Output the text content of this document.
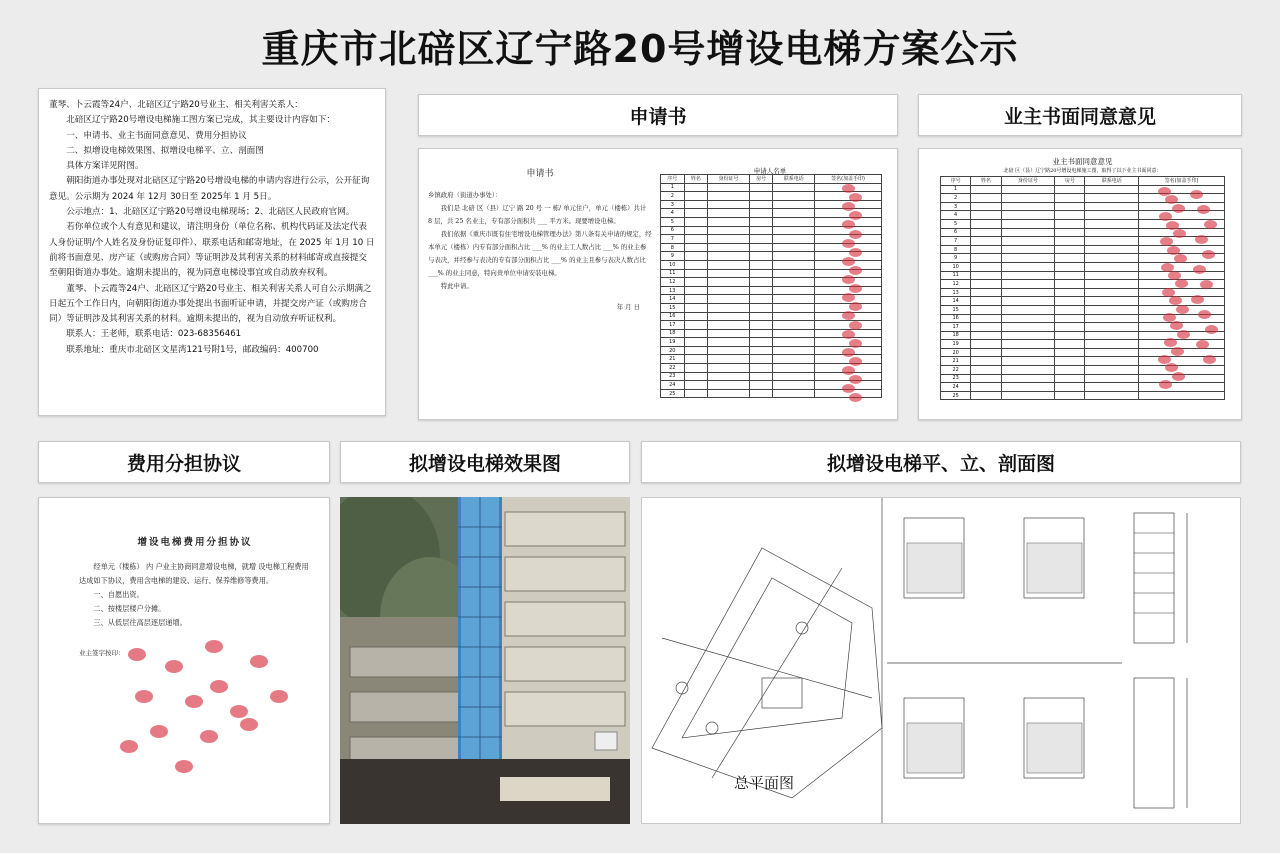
重庆市北碚区辽宁路20号增设电梯方案公示

董琴、卜云霞等24户、北碚区辽宁路20号业主、相关利害关系人：

北碚区辽宁路20号增设电梯施工图方案已完成，其主要设计内容如下：

一、申请书、业主书面同意意见、费用分担协议

二、拟增设电梯效果图、拟增设电梯平、立、剖面图

具体方案详见附图。

朝阳街道办事处现对北碚区辽宁路20号增设电梯的申请内容进行公示，公开征询意见。公示期为 2024 年 12月 30日至 2025年 1 月 5日。

公示地点：1、北碚区辽宁路20号增设电梯现场；2、北碚区人民政府官网。

若你单位或个人有意见和建议，请注明身份（单位名称、机构代码证及法定代表人身份证明/个人姓名及身份证复印件）、联系电话和邮寄地址，在 2025 年 1月 10 日前将书面意见、房产证（或购房合同）等证明涉及其利害关系的材料邮寄或直接提交至朝阳街道办事处。逾期未提出的，视为同意电梯设事宜或自动放弃权利。

董琴、卜云霞等24户、北碚区辽宁路20号业主、相关利害关系人可自公示期满之日起五个工作日内，向朝阳街道办事处提出书面听证申请，并提交房产证（或购房合同）等证明涉及其利害关系的材料。逾期未提出的，视为自动放弃听证权利。

联系人：王老师，联系电话：023-68356461

联系地址：重庆市北碚区文星湾121号附1号，邮政编码：400700

申请书	业主书面同意意见
费用分担协议	拟增设电梯效果图	拟增设电梯平、立、剖面图
申请书

乡镇政府（街道办事处）：

我们是 北碚 区（县）辽宁 路 20 号 一 栋/ 单元住户，单元（楼栋）共计 8 层，共 25 名业主，专有部分面积共 ___ 平方米。现要增设电梯。

我们依据《重庆市既有住宅增设电梯管理办法》第八条有关申请的规定，经本单元（楼栋）内专有部分面积占比 ___% 的业主工人数占比 ___% 的业主参与表决，并经参与表决的专有部分面积占比 ___% 的业主且参与表决人数占比 ___% 的业主同意，特向贵单位申请安装电梯。

特此申请。

年 月 日

申请人名单
序号	姓名	身份证号	房号	联系电话	签名(加盖手印)
1					
2					
3					
4					
5					
6					
7					
8					
9					
10					
11					
12					
13					
14					
15					
16					
17					
18					
19					
20					
21					
22					
23					
24					
25					
业主书面同意意见
北碚 区（县）辽宁路20号增设电梯施工图，取得了以下业主书面同意：
序号	姓名	身份证号	房号	联系电话	签名(加盖手印)
1					
2					
3					
4					
5					
6					
7					
8					
9					
10					
11					
12					
13					
14					
15					
16					
17					
18					
19					
20					
21					
22					
23					
24					
25					
增设电梯费用分担协议

经单元（楼栋） 内 户业主协商同意增设电梯，就增 设电梯工程费用达成如下协议，费用含电梯的建设、运行、保养维修等费用。

一、自愿出资。

二、按楼层楼户分摊。

三、从低层往高层逐层递增。

业主签字按印：

总平面图
